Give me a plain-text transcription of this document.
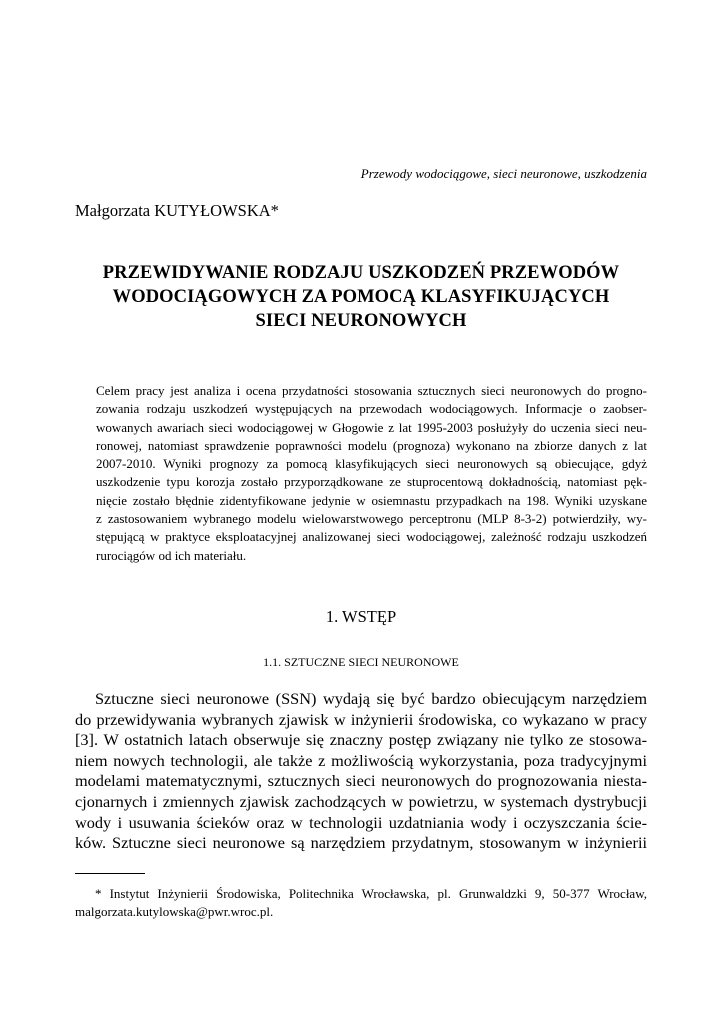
Przewody wodociągowe, sieci neuronowe, uszkodzenia
Małgorzata KUTYŁOWSKA*
PRZEWIDYWANIE RODZAJU USZKODZEŃ PRZEWODÓW
WODOCIĄGOWYCH ZA POMOCĄ KLASYFIKUJĄCYCH
SIECI NEURONOWYCH
Celem pracy jest analiza i ocena przydatności stosowania sztucznych sieci neuronowych do progno-
zowania rodzaju uszkodzeń występujących na przewodach wodociągowych. Informacje o zaobser-
wowanych awariach sieci wodociągowej w Głogowie z lat 1995-2003 posłużyły do uczenia sieci neu-
ronowej, natomiast sprawdzenie poprawności modelu (prognoza) wykonano na zbiorze danych z lat
2007-2010. Wyniki prognozy za pomocą klasyfikujących sieci neuronowych są obiecujące, gdyż
uszkodzenie typu korozja zostało przyporządkowane ze stuprocentową dokładnością, natomiast pęk-
nięcie zostało błędnie zidentyfikowane jedynie w osiemnastu przypadkach na 198. Wyniki uzyskane
z zastosowaniem wybranego modelu wielowarstwowego perceptronu (MLP 8-3-2) potwierdziły, wy-
stępującą w praktyce eksploatacyjnej analizowanej sieci wodociągowej, zależność rodzaju uszkodzeń
rurociągów od ich materiału.
1. WSTĘP
1.1. SZTUCZNE SIECI NEURONOWE
Sztuczne sieci neuronowe (SSN) wydają się być bardzo obiecującym narzędziem
do przewidywania wybranych zjawisk w inżynierii środowiska, co wykazano w pracy
[3]. W ostatnich latach obserwuje się znaczny postęp związany nie tylko ze stosowa-
niem nowych technologii, ale także z możliwością wykorzystania, poza tradycyjnymi
modelami matematycznymi, sztucznych sieci neuronowych do prognozowania niesta-
cjonarnych i zmiennych zjawisk zachodzących w powietrzu, w systemach dystrybucji
wody i usuwania ścieków oraz w technologii uzdatniania wody i oczyszczania ście-
ków. Sztuczne sieci neuronowe są narzędziem przydatnym, stosowanym w inżynierii
* Instytut Inżynierii Środowiska, Politechnika Wrocławska, pl. Grunwaldzki 9, 50-377 Wrocław,
malgorzata.kutylowska@pwr.wroc.pl.
